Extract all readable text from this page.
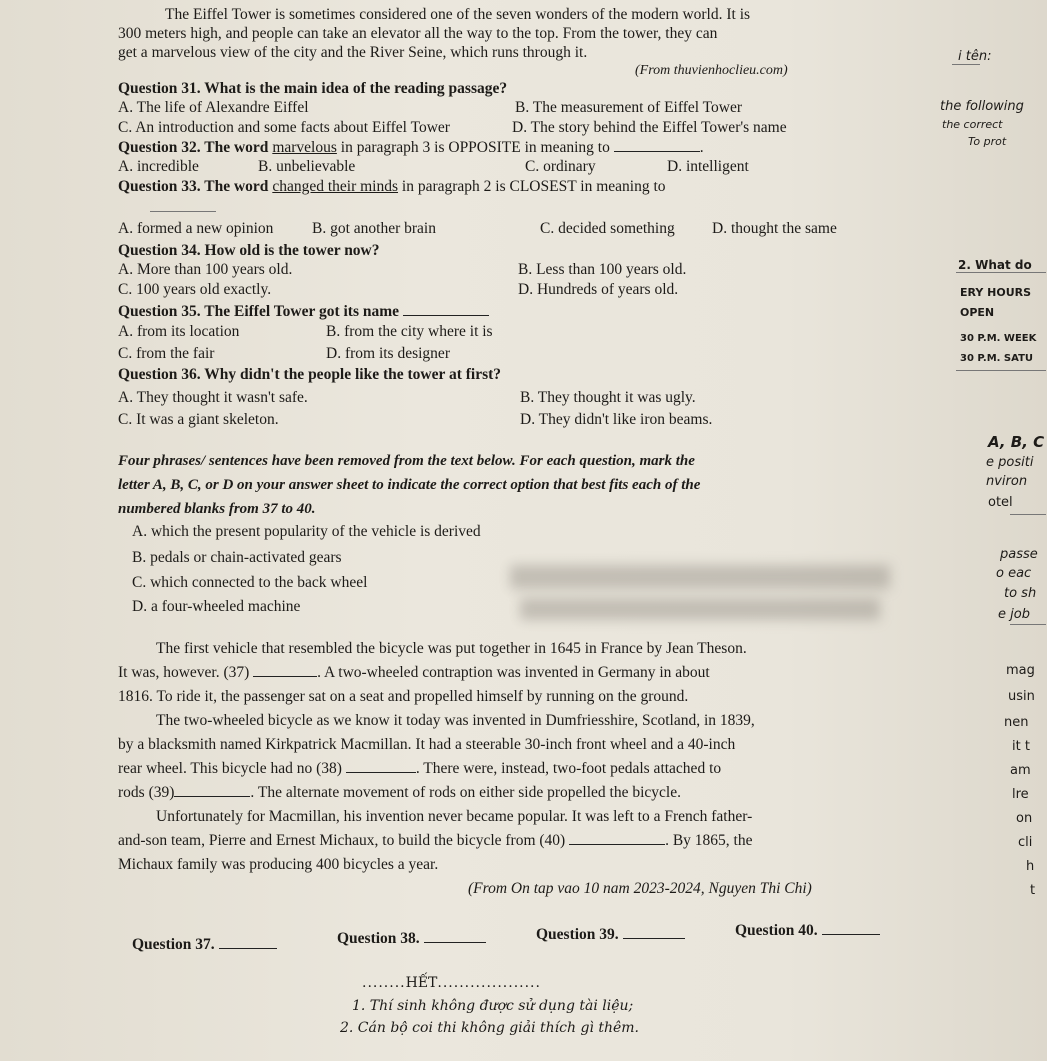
The Eiffel Tower is sometimes considered one of the seven wonders of the modern world. It is
300 meters high, and people can take an elevator all the way to the top. From the tower, they can
get a marvelous view of the city and the River Seine, which runs through it.
(From thuvienhoclieu.com)
Question 31. What is the main idea of the reading passage?
A. The life of Alexandre Eiffel	B. The measurement of Eiffel Tower
C. An introduction and some facts about Eiffel Tower	D. The story behind the Eiffel Tower's name
Question 32. The word marvelous in paragraph 3 is OPPOSITE in meaning to	.
A. incredible	B. unbelievable	C. ordinary	D. intelligent
Question 33. The word changed their minds in paragraph 2 is CLOSEST in meaning to
A. formed a new opinion B. got another brain	C. decided something D. thought the same
Question 34. How old is the tower now?
A. More than 100 years old.	B. Less than 100 years old.
C. 100 years old exactly.	D. Hundreds of years old.
Question 35. The Eiffel Tower got its name
A. from its location	B. from the city where it is
C. from the fair	D. from its designer
Question 36. Why didn't the people like the tower at first?
A. They thought it wasn't safe.	B. They thought it was ugly.
C. It was a giant skeleton.	D. They didn't like iron beams.
Four phrases/ sentences have been removed from the text below. For each question, mark the
letter A, B, C, or D on your answer sheet to indicate the correct option that best fits each of the
numbered blanks from 37 to 40.
A. which the present popularity of the vehicle is derived
B. pedals or chain-activated gears
C. which connected to the back wheel
D. a four-wheeled machine
The first vehicle that resembled the bicycle was put together in 1645 in France by Jean Theson.
It was, however. (37)	. A two-wheeled contraption was invented in Germany in about
1816. To ride it, the passenger sat on a seat and propelled himself by running on the ground.
The two-wheeled bicycle as we know it today was invented in Dumfriesshire, Scotland, in 1839,
by a blacksmith named Kirkpatrick Macmillan. It had a steerable 30-inch front wheel and a 40-inch
rear wheel. This bicycle had no (38)	. There were, instead, two-foot pedals attached to
rods (39)	. The alternate movement of rods on either side propelled the bicycle.
Unfortunately for Macmillan, his invention never became popular. It was left to a French father-
and-son team, Pierre and Ernest Michaux, to build the bicycle from (40)	. By 1865, the
Michaux family was producing 400 bicycles a year.
(From On tap vao 10 nam 2023-2024, Nguyen Thi Chi)
Question 37.	Question 38.	Question 39.	Question 40.
........HẾT...................
1. Thí sinh không được sử dụng tài liệu;
2. Cán bộ coi thi không giải thích gì thêm.
i tên:
the following
the correct
To prot
2. What do
ERY HOURS
OPEN
30 P.M. WEEK
30 P.M. SATU
A, B, C
e positi
nviron
otel
passe
o eac
to sh
e job
mag
usin
nen
it t
am
lre
on
cli
h
t
